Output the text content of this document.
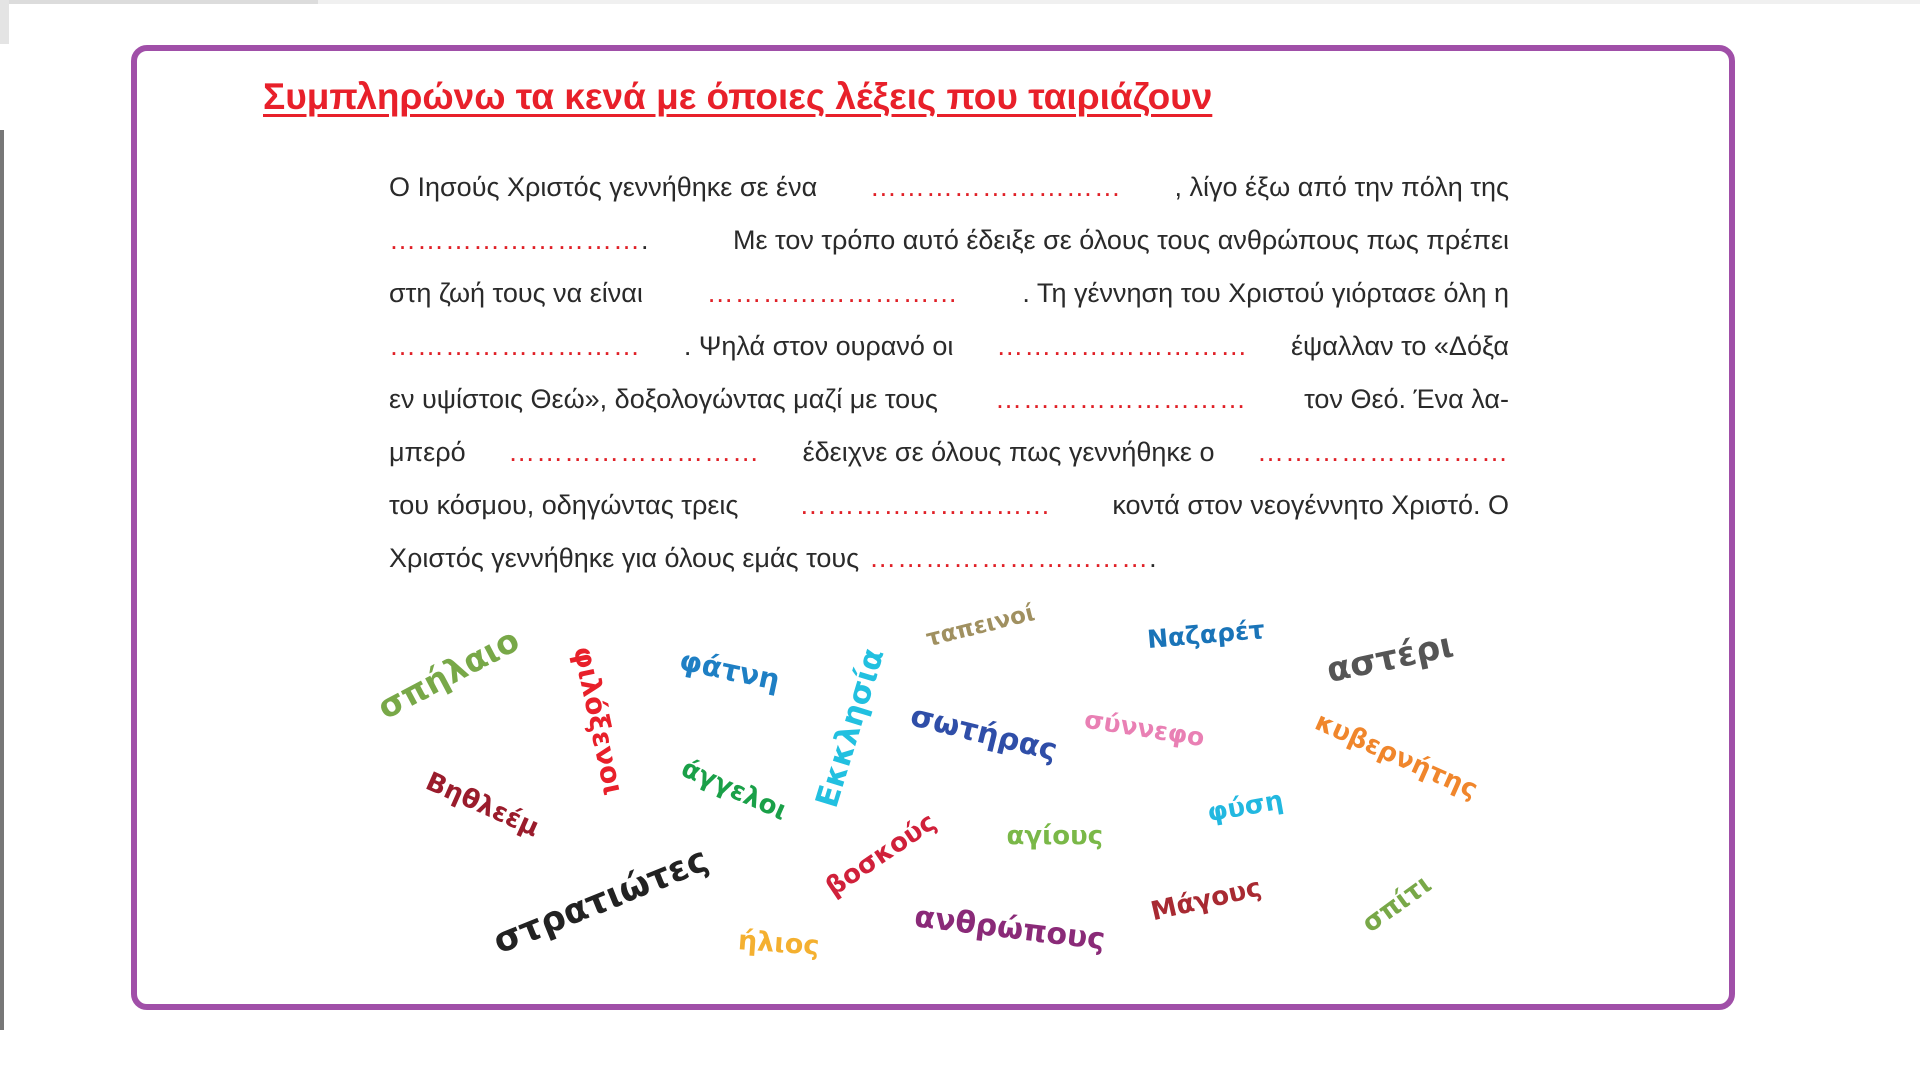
Συμπληρώνω τα κενά με όποιες λέξεις που ταιριάζουν
Ο Ιησούς Χριστός γεννήθηκε σε ένα ……………………… , λίγο έξω από την πόλη της
……………………….	Με τον τρόπο αυτό έδειξε σε όλους τους ανθρώπους πως πρέπει
στη ζωή τους να είναι ……………………… . Τη γέννηση του Χριστού γιόρτασε όλη η
……………………… . Ψηλά στον ουρανό οι ……………………… έψαλλαν το «Δόξα
εν υψίστοις Θεώ», δοξολογώντας μαζί με τους ……………………… τον Θεό. Ένα λα-
μπερό ……………………… έδειχνε σε όλους πως γεννήθηκε ο ………………………
του κόσμου, οδηγώντας τρεις ……………………… κοντά στον νεογέννητο Χριστό. Ο
Χριστός γεννήθηκε για όλους εμάς τους ………………………….
σπήλαιο φιλόξενοι φάτνη Εκκλησία
ταπεινοί	Ναζαρέτ αστέρι
σωτήρας σύννεφο	κυβερνήτης
Βηθλεέμ	άγγελοι	φύση
αγίους
βοσκούς
στρατιώτες	ανθρώπους Μάγους	σπίτι
ήλιος
